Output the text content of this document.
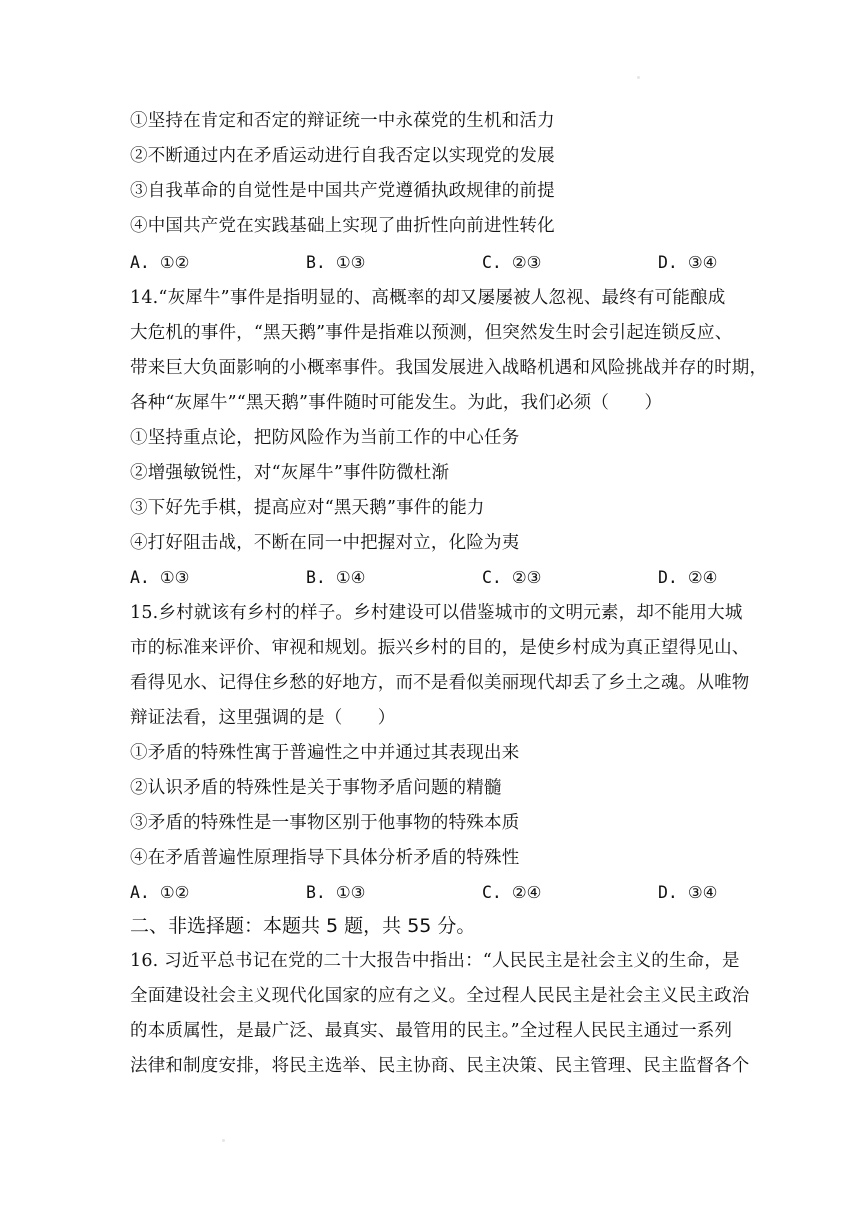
①坚持在肯定和否定的辩证统一中永葆党的生机和活力
②不断通过内在矛盾运动进行自我否定以实现党的发展
③自我革命的自觉性是中国共产党遵循执政规律的前提
④中国共产党在实践基础上实现了曲折性向前进性转化
A. ①②	B. ①③	C. ②③	D. ③④
14.“灰犀牛”事件是指明显的、高概率的却又屡屡被人忽视、最终有可能酿成
大危机的事件，“黑天鹅”事件是指难以预测，但突然发生时会引起连锁反应、
带来巨大负面影响的小概率事件。我国发展进入战略机遇和风险挑战并存的时期，
各种“灰犀牛”“黑天鹅”事件随时可能发生。为此，我们必须（　　）
①坚持重点论，把防风险作为当前工作的中心任务
②增强敏锐性，对“灰犀牛”事件防微杜渐
③下好先手棋，提高应对“黑天鹅”事件的能力
④打好阻击战，不断在同一中把握对立，化险为夷
A. ①③	B. ①④	C. ②③	D. ②④
15.乡村就该有乡村的样子。乡村建设可以借鉴城市的文明元素，却不能用大城
市的标准来评价、审视和规划。振兴乡村的目的，是使乡村成为真正望得见山、
看得见水、记得住乡愁的好地方，而不是看似美丽现代却丢了乡土之魂。从唯物
辩证法看，这里强调的是（　　）
①矛盾的特殊性寓于普遍性之中并通过其表现出来
②认识矛盾的特殊性是关于事物矛盾问题的精髓
③矛盾的特殊性是一事物区别于他事物的特殊本质
④在矛盾普遍性原理指导下具体分析矛盾的特殊性
A. ①②	B. ①③	C. ②④	D. ③④
二、非选择题：本题共 5 题，共 55 分。
16. 习近平总书记在党的二十大报告中指出：“人民民主是社会主义的生命，是
全面建设社会主义现代化国家的应有之义。全过程人民民主是社会主义民主政治
的本质属性，是最广泛、最真实、最管用的民主。”全过程人民民主通过一系列
法律和制度安排，将民主选举、民主协商、民主决策、民主管理、民主监督各个
